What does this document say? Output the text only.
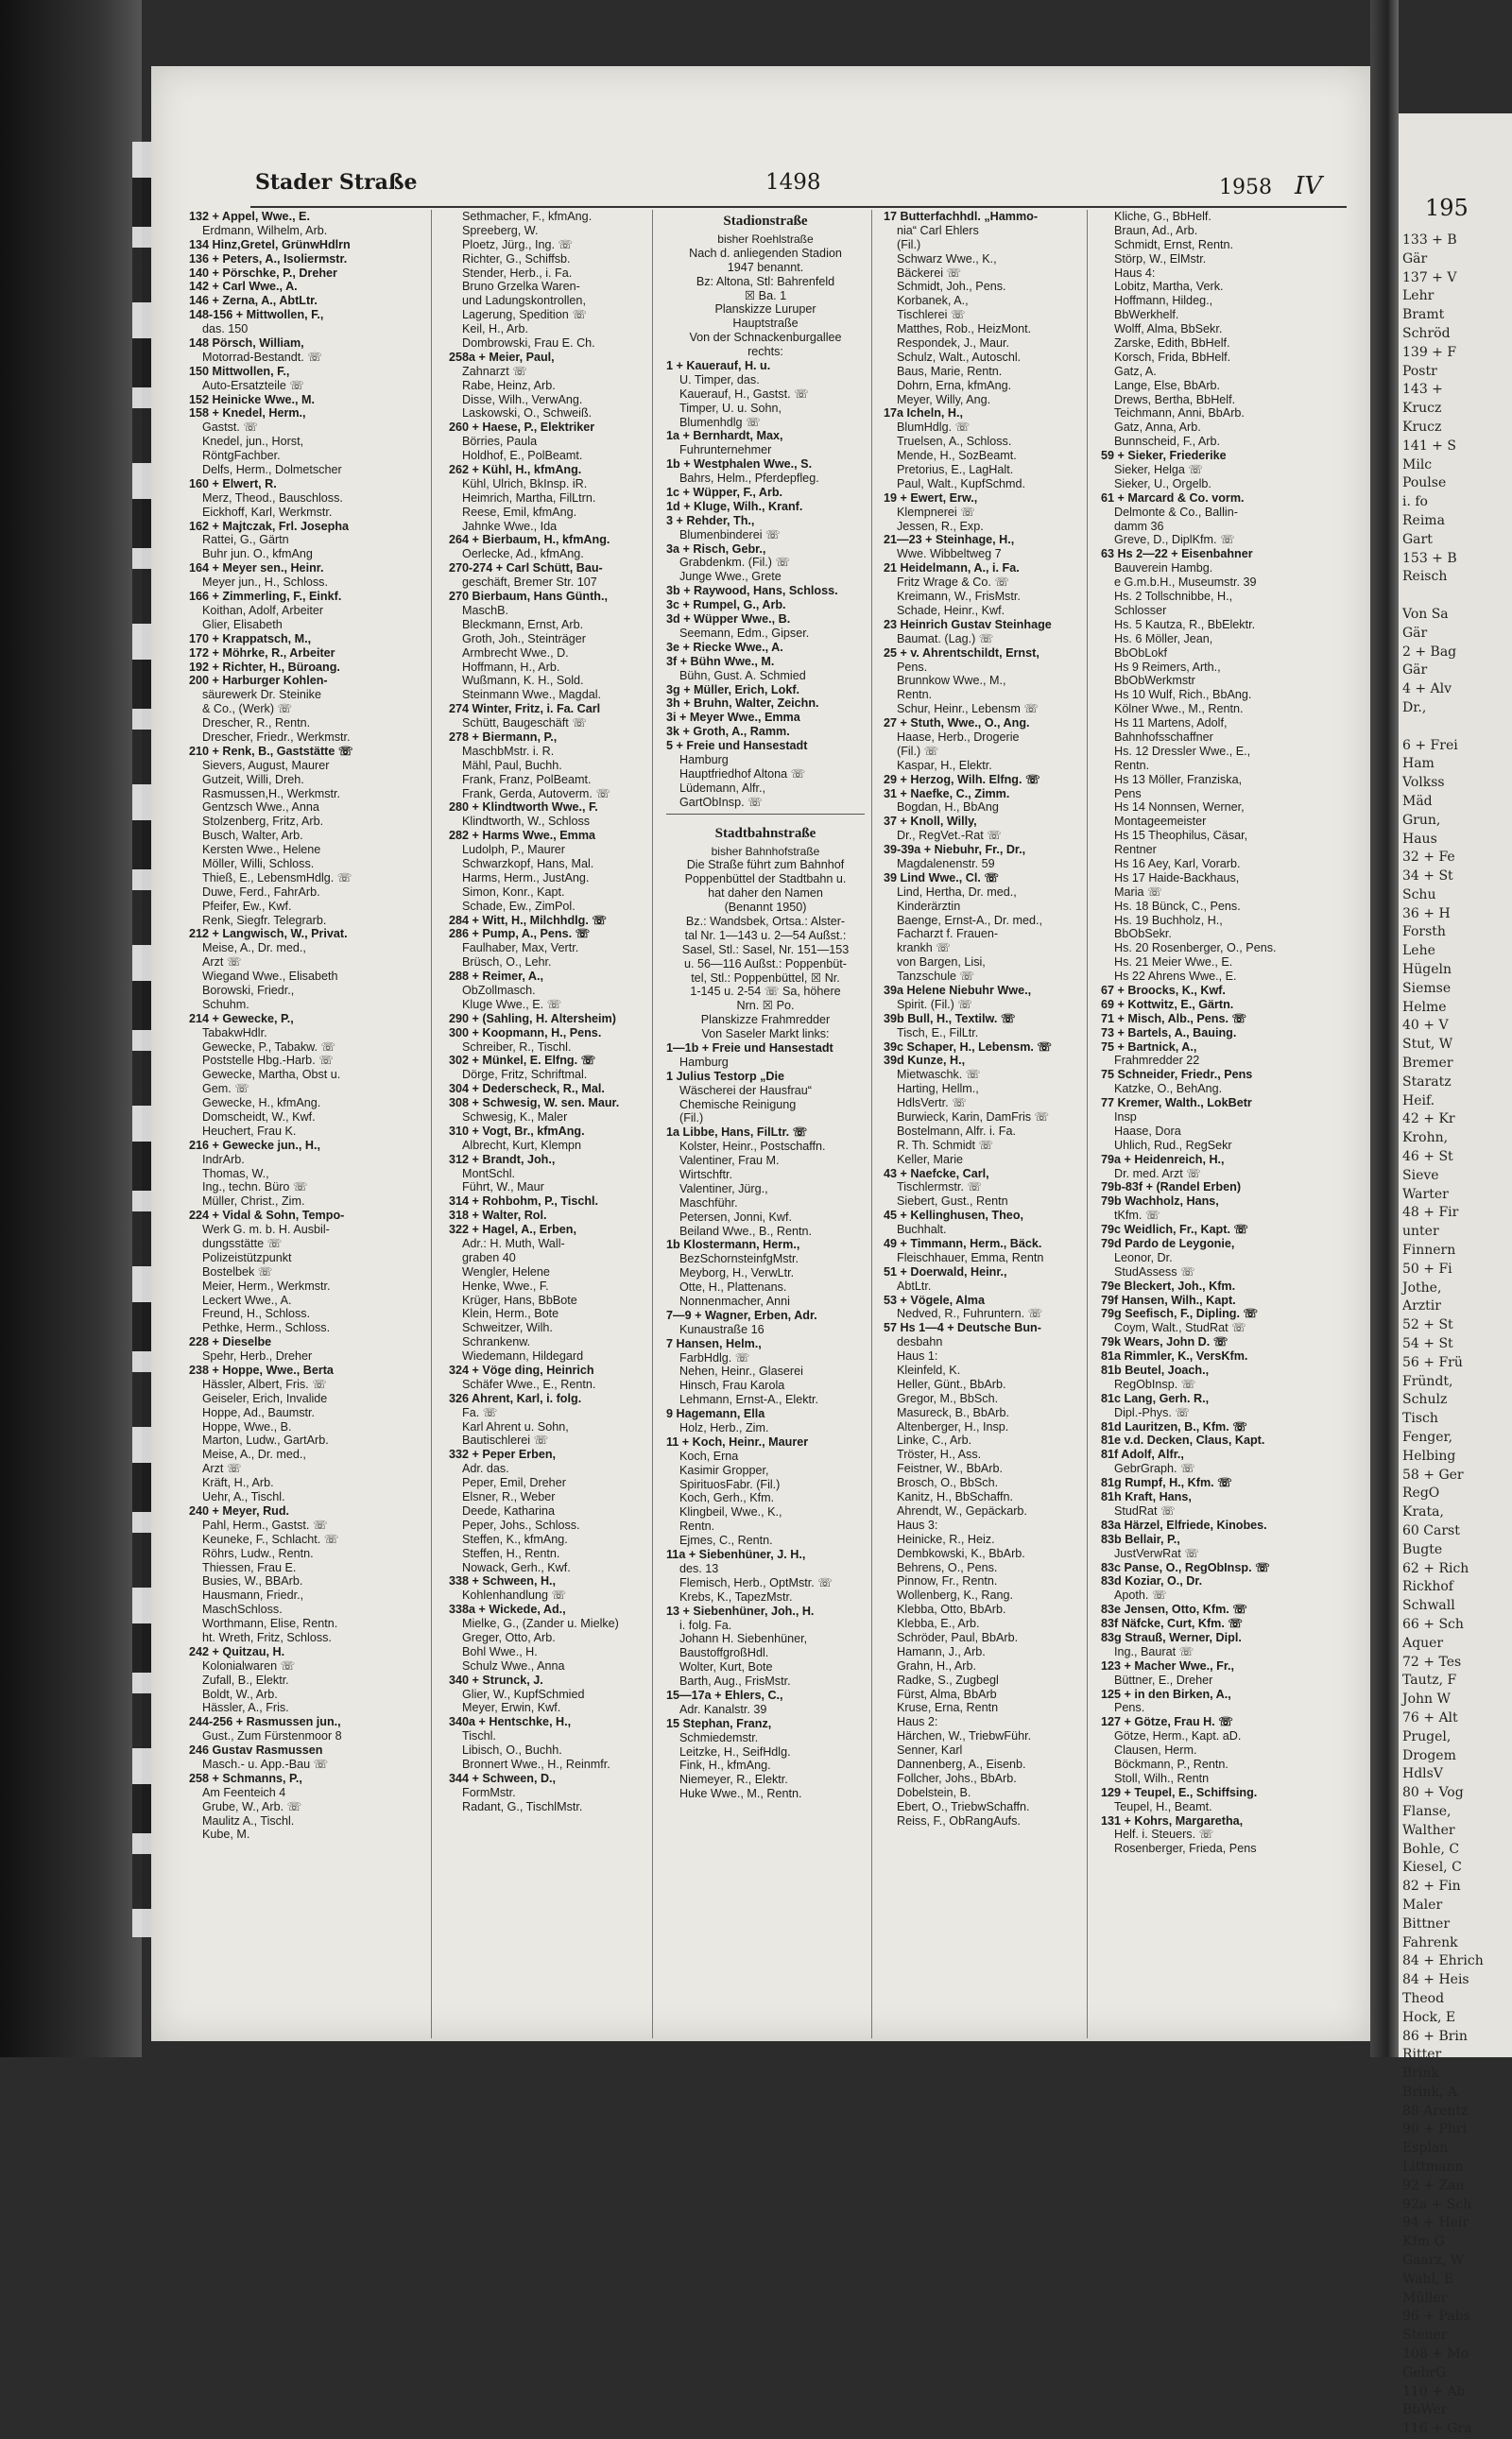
Stader Straße	1498	1958 IV
132 + Appel, Wwe., E.
Erdmann, Wilhelm, Arb.
134 Hinz,Gretel, GrünwHdlrn
136 + Peters, A., Isoliermstr.
140 + Pörschke, P., Dreher
142 + Carl Wwe., A.
146 + Zerna, A., AbtLtr.
148-156 + Mittwollen, F.,
das. 150
148 Pörsch, William,
Motorrad-Bestandt. ☏
150 Mittwollen, F.,
Auto-Ersatzteile ☏
152 Heinicke Wwe., M.
158 + Knedel, Herm.,
Gastst. ☏
Knedel, jun., Horst,
RöntgFachber.
Delfs, Herm., Dolmetscher
160 + Elwert, R.
Merz, Theod., Bauschloss.
Eickhoff, Karl, Werkmstr.
162 + Majtczak, Frl. Josepha
Rattei, G., Gärtn
Buhr jun. O., kfmAng
164 + Meyer sen., Heinr.
Meyer jun., H., Schloss.
166 + Zimmerling, F., Einkf.
Koithan, Adolf, Arbeiter
Glier, Elisabeth
170 + Krappatsch, M.,
172 + Möhrke, R., Arbeiter
192 + Richter, H., Büroang.
200 + Harburger Kohlen-
säurewerk Dr. Steinike
& Co., (Werk) ☏
Drescher, R., Rentn.
Drescher, Friedr., Werkmstr.
210 + Renk, B., Gaststätte ☏
Sievers, August, Maurer
Gutzeit, Willi, Dreh.
Rasmussen,H., Werkmstr.
Gentzsch Wwe., Anna
Stolzenberg, Fritz, Arb.
Busch, Walter, Arb.
Kersten Wwe., Helene
Möller, Willi, Schloss.
Thieß, E., LebensmHdlg. ☏
Duwe, Ferd., FahrArb.
Pfeifer, Ew., Kwf.
Renk, Siegfr. Telegrarb.
212 + Langwisch, W., Privat.
Meise, A., Dr. med.,
Arzt ☏
Wiegand Wwe., Elisabeth
Borowski, Friedr.,
Schuhm.
214 + Gewecke, P.,
TabakwHdlr.
Gewecke, P., Tabakw. ☏
Poststelle Hbg.-Harb. ☏
Gewecke, Martha, Obst u.
Gem. ☏
Gewecke, H., kfmAng.
Domscheidt, W., Kwf.
Heuchert, Frau K.
216 + Gewecke jun., H.,
IndrArb.
Thomas, W.,
Ing., techn. Büro ☏
Müller, Christ., Zim.
224 + Vidal & Sohn, Tempo-
Werk G. m. b. H. Ausbil-
dungsstätte ☏
Polizeistützpunkt
Bostelbek ☏
Meier, Herm., Werkmstr.
Leckert Wwe., A.
Freund, H., Schloss.
Pethke, Herm., Schloss.
228 + Dieselbe
Spehr, Herb., Dreher
238 + Hoppe, Wwe., Berta
Hässler, Albert, Fris. ☏
Geiseler, Erich, Invalide
Hoppe, Ad., Baumstr.
Hoppe, Wwe., B.
Marton, Ludw., GartArb.
Meise, A., Dr. med.,
Arzt ☏
Kräft, H., Arb.
Uehr, A., Tischl.
240 + Meyer, Rud.
Pahl, Herm., Gastst. ☏
Keuneke, F., Schlacht. ☏
Röhrs, Ludw., Rentn.
Thiessen, Frau E.
Busies, W., BBArb.
Hausmann, Friedr.,
MaschSchloss.
Worthmann, Elise, Rentn.
ht. Wreth, Fritz, Schloss.
242 + Quitzau, H.
Kolonialwaren ☏
Zufall, B., Elektr.
Boldt, W., Arb.
Hässler, A., Fris.
244-256 + Rasmussen jun.,
Gust., Zum Fürstenmoor 8
246 Gustav Rasmussen
Masch.- u. App.-Bau ☏
258 + Schmanns, P.,
Am Feenteich 4
Grube, W., Arb. ☏
Maulitz A., Tischl.
Kube, M.
Sethmacher, F., kfmAng.
Spreeberg, W.
Ploetz, Jürg., Ing. ☏
Richter, G., Schiffsb.
Stender, Herb., i. Fa.
Bruno Grzelka Waren-
und Ladungskontrollen,
Lagerung, Spedition ☏
Keil, H., Arb.
Dombrowski, Frau E. Ch.
258a + Meier, Paul,
Zahnarzt ☏
Rabe, Heinz, Arb.
Disse, Wilh., VerwAng.
Laskowski, O., Schweiß.
260 + Haese, P., Elektriker
Börries, Paula
Holdhof, E., PolBeamt.
262 + Kühl, H., kfmAng.
Kühl, Ulrich, BkInsp. iR.
Heimrich, Martha, FilLtrn.
Reese, Emil, kfmAng.
Jahnke Wwe., Ida
264 + Bierbaum, H., kfmAng.
Oerlecke, Ad., kfmAng.
270-274 + Carl Schütt, Bau-
geschäft, Bremer Str. 107
270 Bierbaum, Hans Günth.,
MaschB.
Bleckmann, Ernst, Arb.
Groth, Joh., Steinträger
Armbrecht Wwe., D.
Hoffmann, H., Arb.
Wußmann, K. H., Sold.
Steinmann Wwe., Magdal.
274 Winter, Fritz, i. Fa. Carl
Schütt, Baugeschäft ☏
278 + Biermann, P.,
MaschbMstr. i. R.
Mähl, Paul, Buchh.
Frank, Franz, PolBeamt.
Frank, Gerda, Autoverm. ☏
280 + Klindtworth Wwe., F.
Klindtworth, W., Schloss
282 + Harms Wwe., Emma
Ludolph, P., Maurer
Schwarzkopf, Hans, Mal.
Harms, Herm., JustAng.
Simon, Konr., Kapt.
Schade, Ew., ZimPol.
284 + Witt, H., Milchhdlg. ☏
286 + Pump, A., Pens. ☏
Faulhaber, Max, Vertr.
Brüsch, O., Lehr.
288 + Reimer, A.,
ObZollmasch.
Kluge Wwe., E. ☏
290 + (Sahling, H. Altersheim)
300 + Koopmann, H., Pens.
Schreiber, R., Tischl.
302 + Münkel, E. Elfng. ☏
Dörge, Fritz, Schriftmal.
304 + Dederscheck, R., Mal.
308 + Schwesig, W. sen. Maur.
Schwesig, K., Maler
310 + Vogt, Br., kfmAng.
Albrecht, Kurt, Klempn
312 + Brandt, Joh.,
MontSchl.
Führt, W., Maur
314 + Rohbohm, P., Tischl.
318 + Walter, Rol.
322 + Hagel, A., Erben,
Adr.: H. Muth, Wall-
graben 40
Wengler, Helene
Henke, Wwe., F.
Krüger, Hans, BbBote
Klein, Herm., Bote
Schweitzer, Wilh.
Schrankenw.
Wiedemann, Hildegard
324 + Vöge ding, Heinrich
Schäfer Wwe., E., Rentn.
326 Ahrent, Karl, i. folg.
Fa. ☏
Karl Ahrent u. Sohn,
Bautischlerei ☏
332 + Peper Erben,
Adr. das.
Peper, Emil, Dreher
Elsner, R., Weber
Deede, Katharina
Peper, Johs., Schloss.
Steffen, K., kfmAng.
Steffen, H., Rentn.
Nowack, Gerh., Kwf.
338 + Schween, H.,
Kohlenhandlung ☏
338a + Wickede, Ad.,
Mielke, G., (Zander u. Mielke)
Greger, Otto, Arb.
Bohl Wwe., H.
Schulz Wwe., Anna
340 + Strunck, J.
Glier, W., KupfSchmied
Meyer, Erwin, Kwf.
340a + Hentschke, H.,
Tischl.
Libisch, O., Buchh.
Bronnert Wwe., H., Reinmfr.
344 + Schween, D.,
FormMstr.
Radant, G., TischlMstr.
Stadionstraße
bisher Roehlstraße
Nach d. anliegenden Stadion
1947 benannt.
Bz: Altona, Stl: Bahrenfeld
☒ Ba. 1
Planskizze Luruper
Hauptstraße
Von der Schnackenburgallee
rechts:
1 + Kauerauf, H. u.
U. Timper, das.
Kauerauf, H., Gastst. ☏
Timper, U. u. Sohn,
Blumenhdlg ☏
1a + Bernhardt, Max,
Fuhrunternehmer
1b + Westphalen Wwe., S.
Bahrs, Helm., Pferdepfleg.
1c + Wüpper, F., Arb.
1d + Kluge, Wilh., Kranf.
3 + Rehder, Th.,
Blumenbinderei ☏
3a + Risch, Gebr.,
Grabdenkm. (Fil.) ☏
Junge Wwe., Grete
3b + Raywood, Hans, Schloss.
3c + Rumpel, G., Arb.
3d + Wüpper Wwe., B.
Seemann, Edm., Gipser.
3e + Riecke Wwe., A.
3f + Bühn Wwe., M.
Bühn, Gust. A. Schmied
3g + Müller, Erich, Lokf.
3h + Bruhn, Walter, Zeichn.
3i + Meyer Wwe., Emma
3k + Groth, A., Ramm.
5 + Freie und Hansestadt
Hamburg
Hauptfriedhof Altona ☏
Lüdemann, Alfr.,
GartObInsp. ☏
Stadtbahnstraße
bisher Bahnhofstraße
Die Straße führt zum Bahnhof
Poppenbüttel der Stadtbahn u.
hat daher den Namen
(Benannt 1950)
Bz.: Wandsbek, Ortsa.: Alster-
tal Nr. 1—143 u. 2—54 Außst.:
Sasel, Stl.: Sasel, Nr. 151—153
u. 56—116 Außst.: Poppenbüt-
tel, Stl.: Poppenbüttel, ☒ Nr.
1-145 u. 2-54 ☏ Sa, höhere
Nrn. ☒ Po.
Planskizze Frahmredder
Von Saseler Markt links:
1—1b + Freie und Hansestadt
Hamburg
1 Julius Testorp „Die
Wäscherei der Hausfrau“
Chemische Reinigung
(Fil.)
1a Libbe, Hans, FilLtr. ☏
Kolster, Heinr., Postschaffn.
Valentiner, Frau M.
Wirtschftr.
Valentiner, Jürg.,
Maschführ.
Petersen, Jonni, Kwf.
Beiland Wwe., B., Rentn.
1b Klostermann, Herm.,
BezSchornsteinfgMstr.
Meyborg, H., VerwLtr.
Otte, H., Plattenans.
Nonnenmacher, Anni
7—9 + Wagner, Erben, Adr.
Kunaustraße 16
7 Hansen, Helm.,
FarbHdlg. ☏
Nehen, Heinr., Glaserei
Hinsch, Frau Karola
Lehmann, Ernst-A., Elektr.
9 Hagemann, Ella
Holz, Herb., Zim.
11 + Koch, Heinr., Maurer
Koch, Erna
Kasimir Gropper,
SpirituosFabr. (Fil.)
Koch, Gerh., Kfm.
Klingbeil, Wwe., K.,
Rentn.
Ejmes, C., Rentn.
11a + Siebenhüner, J. H.,
des. 13
Flemisch, Herb., OptMstr. ☏
Krebs, K., TapezMstr.
13 + Siebenhüner, Joh., H.
i. folg. Fa.
Johann H. Siebenhüner,
BaustoffgroßHdl.
Wolter, Kurt, Bote
Barth, Aug., FrisMstr.
15—17a + Ehlers, C.,
Adr. Kanalstr. 39
15 Stephan, Franz,
Schmiedemstr.
Leitzke, H., SeifHdlg.
Fink, H., kfmAng.
Niemeyer, R., Elektr.
Huke Wwe., M., Rentn.
17 Butterfachhdl. „Hammo-
nia“ Carl Ehlers
(Fil.)
Schwarz Wwe., K.,
Bäckerei ☏
Schmidt, Joh., Pens.
Korbanek, A.,
Tischlerei ☏
Matthes, Rob., HeizMont.
Respondek, J., Maur.
Schulz, Walt., Autoschl.
Baus, Marie, Rentn.
Dohrn, Erna, kfmAng.
Meyer, Willy, Ang.
17a Icheln, H.,
BlumHdlg. ☏
Truelsen, A., Schloss.
Mende, H., SozBeamt.
Pretorius, E., LagHalt.
Paul, Walt., KupfSchmd.
19 + Ewert, Erw.,
Klempnerei ☏
Jessen, R., Exp.
21—23 + Steinhage, H.,
Wwe. Wibbeltweg 7
21 Heidelmann, A., i. Fa.
Fritz Wrage & Co. ☏
Kreimann, W., FrisMstr.
Schade, Heinr., Kwf.
23 Heinrich Gustav Steinhage
Baumat. (Lag.) ☏
25 + v. Ahrentschildt, Ernst,
Pens.
Brunnkow Wwe., M.,
Rentn.
Schur, Heinr., Lebensm ☏
27 + Stuth, Wwe., O., Ang.
Haase, Herb., Drogerie
(Fil.) ☏
Kaspar, H., Elektr.
29 + Herzog, Wilh. Elfng. ☏
31 + Naefke, C., Zimm.
Bogdan, H., BbAng
37 + Knoll, Willy,
Dr., RegVet.-Rat ☏
39-39a + Niebuhr, Fr., Dr.,
Magdalenenstr. 59
39 Lind Wwe., Cl. ☏
Lind, Hertha, Dr. med.,
Kinderärztin
Baenge, Ernst-A., Dr. med.,
Facharzt f. Frauen-
krankh ☏
von Bargen, Lisi,
Tanzschule ☏
39a Helene Niebuhr Wwe.,
Spirit. (Fil.) ☏
39b Bull, H., Textilw. ☏
Tisch, E., FilLtr.
39c Schaper, H., Lebensm. ☏
39d Kunze, H.,
Mietwaschk. ☏
Harting, Hellm.,
HdlsVertr. ☏
Burwieck, Karin, DamFris ☏
Bostelmann, Alfr. i. Fa.
R. Th. Schmidt ☏
Keller, Marie
43 + Naefcke, Carl,
Tischlermstr. ☏
Siebert, Gust., Rentn
45 + Kellinghusen, Theo,
Buchhalt.
49 + Timmann, Herm., Bäck.
Fleischhauer, Emma, Rentn
51 + Doerwald, Heinr.,
AbtLtr.
53 + Vögele, Alma
Nedved, R., Fuhruntern. ☏
57 Hs 1—4 + Deutsche Bun-
desbahn
Haus 1:
Kleinfeld, K.
Heller, Günt., BbArb.
Gregor, M., BbSch.
Masureck, B., BbArb.
Altenberger, H., Insp.
Linke, C., Arb.
Tröster, H., Ass.
Feistner, W., BbArb.
Brosch, O., BbSch.
Kanitz, H., BbSchaffn.
Ahrendt, W., Gepäckarb.
Haus 3:
Heinicke, R., Heiz.
Dembkowski, K., BbArb.
Behrens, O., Pens.
Pinnow, Fr., Rentn.
Wollenberg, K., Rang.
Klebba, Otto, BbArb.
Klebba, E., Arb.
Schröder, Paul, BbArb.
Hamann, J., Arb.
Grahn, H., Arb.
Radke, S., Zugbegl
Fürst, Alma, BbArb
Kruse, Erna, Rentn
Haus 2:
Härchen, W., TriebwFühr.
Senner, Karl
Dannenberg, A., Eisenb.
Follcher, Johs., BbArb.
Dobelstein, B.
Ebert, O., TriebwSchaffn.
Reiss, F., ObRangAufs.
Kliche, G., BbHelf.
Braun, Ad., Arb.
Schmidt, Ernst, Rentn.
Störp, W., ElMstr.
Haus 4:
Lobitz, Martha, Verk.
Hoffmann, Hildeg.,
BbWerkhelf.
Wolff, Alma, BbSekr.
Zarske, Edith, BbHelf.
Korsch, Frida, BbHelf.
Gatz, A.
Lange, Else, BbArb.
Drews, Bertha, BbHelf.
Teichmann, Anni, BbArb.
Gatz, Anna, Arb.
Bunnscheid, F., Arb.
59 + Sieker, Friederike
Sieker, Helga ☏
Sieker, U., Orgelb.
61 + Marcard & Co. vorm.
Delmonte & Co., Ballin-
damm 36
Greve, D., DiplKfm. ☏
63 Hs 2—22 + Eisenbahner
Bauverein Hambg.
e G.m.b.H., Museumstr. 39
Hs. 2 Tollschnibbe, H.,
Schlosser
Hs. 5 Kautza, R., BbElektr.
Hs. 6 Möller, Jean,
BbObLokf
Hs 9 Reimers, Arth.,
BbObWerkmstr
Hs 10 Wulf, Rich., BbAng.
Kölner Wwe., M., Rentn.
Hs 11 Martens, Adolf,
Bahnhofsschaffner
Hs. 12 Dressler Wwe., E.,
Rentn.
Hs 13 Möller, Franziska,
Pens
Hs 14 Nonnsen, Werner,
Montageemeister
Hs 15 Theophilus, Cäsar,
Rentner
Hs 16 Aey, Karl, Vorarb.
Hs 17 Haide-Backhaus,
Maria ☏
Hs. 18 Bünck, C., Pens.
Hs. 19 Buchholz, H.,
BbObSekr.
Hs. 20 Rosenberger, O., Pens.
Hs. 21 Meier Wwe., E.
Hs 22 Ahrens Wwe., E.
67 + Broocks, K., Kwf.
69 + Kottwitz, E., Gärtn.
71 + Misch, Alb., Pens. ☏
73 + Bartels, A., Bauing.
75 + Bartnick, A.,
Frahmredder 22
75 Schneider, Friedr., Pens
Katzke, O., BehAng.
77 Kremer, Walth., LokBetr
Insp
Haase, Dora
Uhlich, Rud., RegSekr
79a + Heidenreich, H.,
Dr. med. Arzt ☏
79b-83f + (Randel Erben)
79b Wachholz, Hans,
tKfm. ☏
79c Weidlich, Fr., Kapt. ☏
79d Pardo de Leygonie,
Leonor, Dr.
StudAssess ☏
79e Bleckert, Joh., Kfm.
79f Hansen, Wilh., Kapt.
79g Seefisch, F., Dipling. ☏
Coym, Walt., StudRat ☏
79k Wears, John D. ☏
81a Rimmler, K., VersKfm.
81b Beutel, Joach.,
RegObInsp. ☏
81c Lang, Gerh. R.,
Dipl.-Phys. ☏
81d Lauritzen, B., Kfm. ☏
81e v.d. Decken, Claus, Kapt.
81f Adolf, Alfr.,
GebrGraph. ☏
81g Rumpf, H., Kfm. ☏
81h Kraft, Hans,
StudRat ☏
83a Härzel, Elfriede, Kinobes.
83b Bellair, P.,
JustVerwRat ☏
83c Panse, O., RegObInsp. ☏
83d Koziar, O., Dr.
Apoth. ☏
83e Jensen, Otto, Kfm. ☏
83f Näfcke, Curt, Kfm. ☏
83g Strauß, Werner, Dipl.
Ing., Baurat ☏
123 + Macher Wwe., Fr.,
Büttner, E., Dreher
125 + in den Birken, A.,
Pens.
127 + Götze, Frau H. ☏
Götze, Herm., Kapt. aD.
Clausen, Herm.
Böckmann, P., Rentn.
Stoll, Wilh., Rentn
129 + Teupel, E., Schiffsing.
Teupel, H., Beamt.
131 + Kohrs, Margaretha,
Helf. i. Steuers. ☏
Rosenberger, Frieda, Pens
195
133 + B
Gär
137 + V
Lehr
Bramt
Schröd
139 + F
Postr
143 +
Krucz
Krucz
141 + S
Milc
Poulse
i. fo
Reima
Gart
153 + B
Reisch
Von Sa
Gär
2 + Bag
Gär
4 + Alv
Dr.,
6 + Frei
Ham
Volkss
Mäd
Grun,
Haus
32 + Fe
34 + St
Schu
36 + H
Forsth
Lehe
Hügeln
Siemse
Helme
40 + V
Stut, W
Bremer
Staratz
Heif.
42 + Kr
Krohn,
46 + St
Sieve
Warter
48 + Fir
unter
Finnern
50 + Fi
Jothe,
Arztir
52 + St
54 + St
56 + Frü
Fründt,
Schulz
Tisch
Fenger,
Helbing
58 + Ger
RegO
Krata,
60 Carst
Bugte
62 + Rich
Rickhof
Schwall
66 + Sch
Aquer
72 + Tes
Tautz, F
John W
76 + Alt
Prugel,
Drogem
HdlsV
80 + Vog
Flanse,
Walther
Bohle, C
Kiesel, C
82 + Fin
Maler
Bittner
Fahrenk
84 + Ehrich
84 + Heis
Theod
Hock, E
86 + Brin
Ritter
Brink
Brink, A
88 Arentz
90 + Phri
Esplan
Littmann
92 + Zan
92a + Sch
94 + Heir
Kfm G
Gaarz, W
Wahl, E
Müller
96 + Pabs
Steuer
108 + Mo
GebrG
110 + Ab
BbWer
116 + Gra
